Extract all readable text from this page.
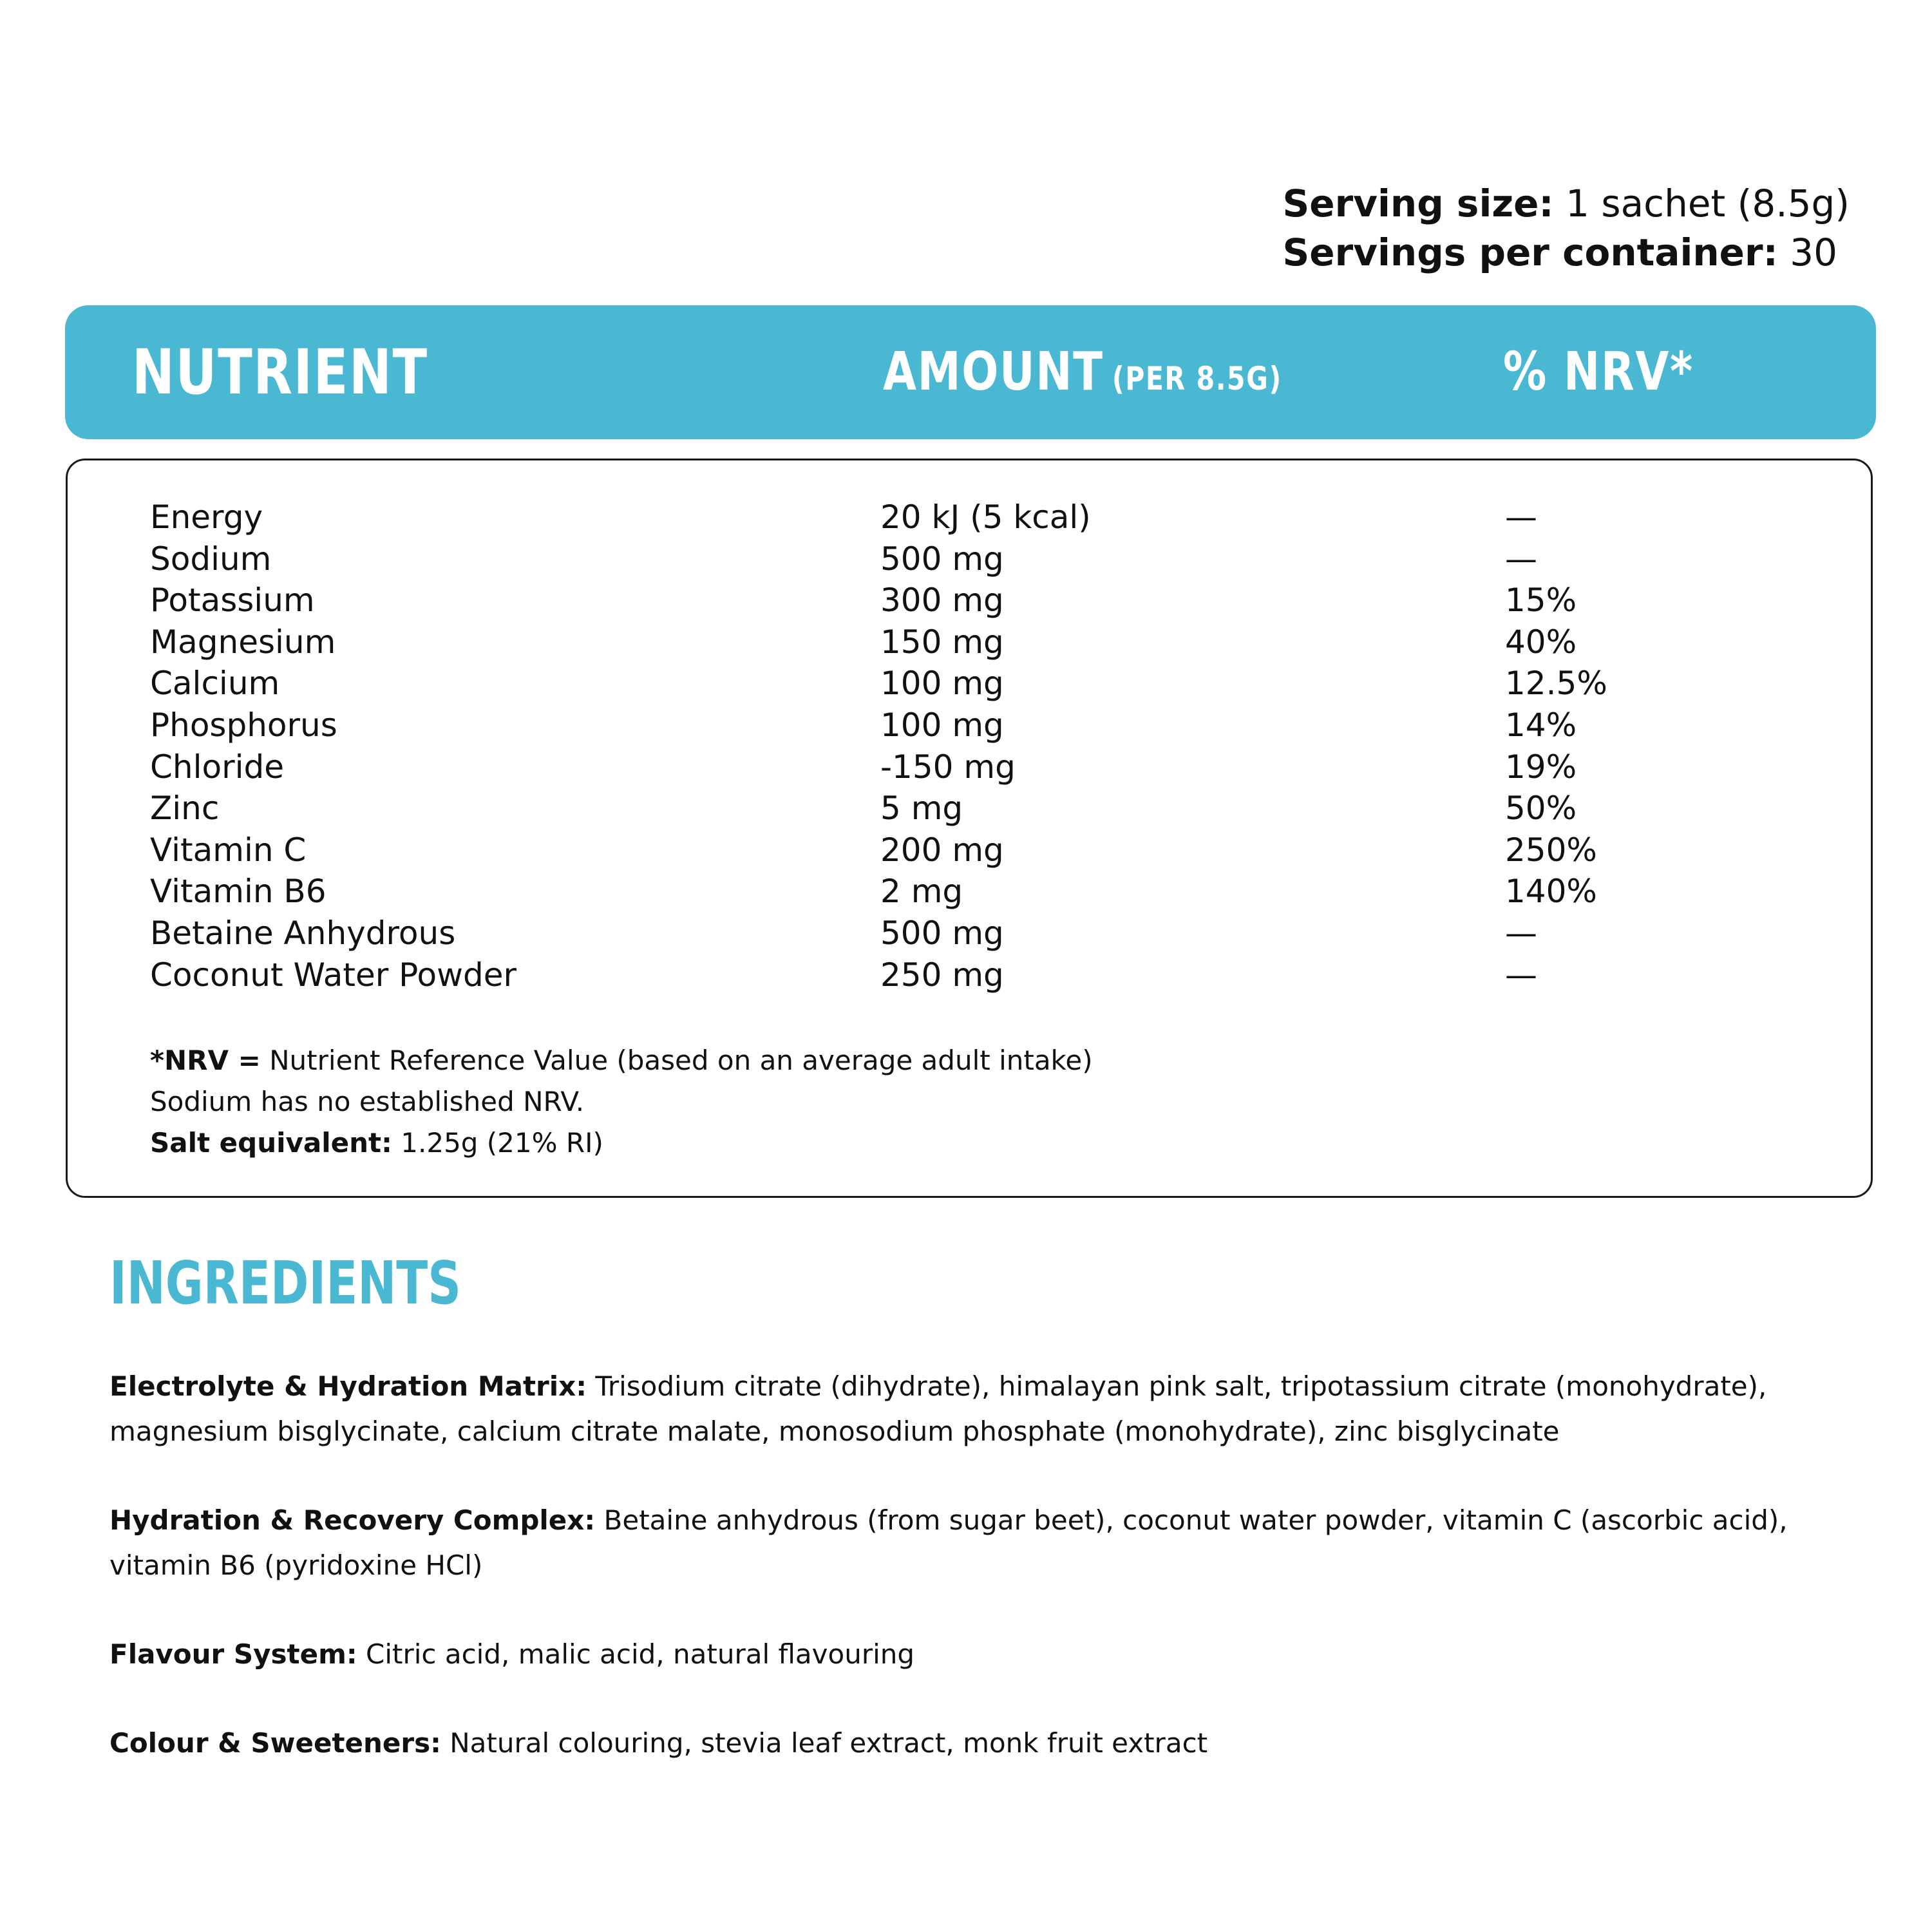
Serving size: 1 sachet (8.5g)
Servings per container: 30
NUTRIENT	AMOUNT (PER 8.5G)	% NRV*
Energy	20 kJ (5 kcal)	—
Sodium	500 mg	—
Potassium	300 mg	15%
Magnesium	150 mg	40%
Calcium	100 mg	12.5%
Phosphorus	100 mg	14%
Chloride	-150 mg	19%
Zinc	5 mg	50%
Vitamin C	200 mg	250%
Vitamin B6	2 mg	140%
Betaine Anhydrous	500 mg	—
Coconut Water Powder	250 mg	—
*NRV = Nutrient Reference Value (based on an average adult intake)
Sodium has no established NRV.
Salt equivalent: 1.25g (21% RI)
INGREDIENTS
Electrolyte & Hydration Matrix: Trisodium citrate (dihydrate), himalayan pink salt, tripotassium citrate (monohydrate), magnesium bisglycinate, calcium citrate malate, monosodium phosphate (monohydrate), zinc bisglycinate
Hydration & Recovery Complex: Betaine anhydrous (from sugar beet), coconut water powder, vitamin C (ascorbic acid), vitamin B6 (pyridoxine HCl)
Flavour System: Citric acid, malic acid, natural flavouring
Colour & Sweeteners: Natural colouring, stevia leaf extract, monk fruit extract
